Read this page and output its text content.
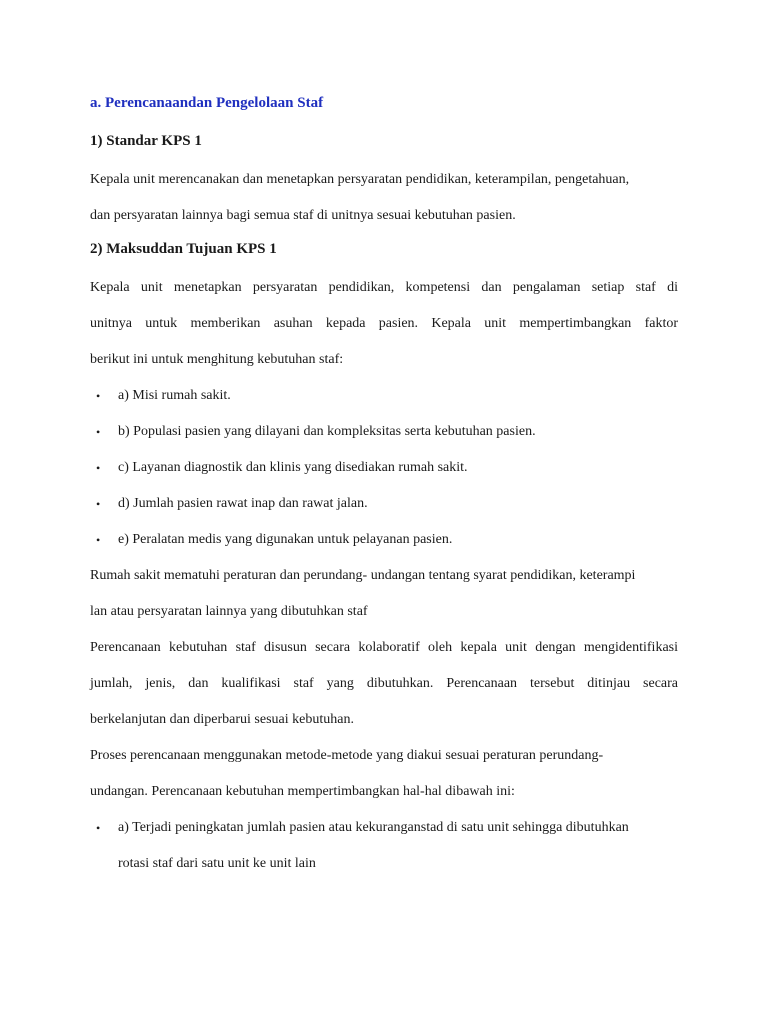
a. Perencanaandan Pengelolaan Staf
1) Standar KPS 1

Kepala unit merencanakan dan menetapkan persyaratan pendidikan, keterampilan, pengetahuan,
dan persyaratan lainnya bagi semua staf di unitnya sesuai kebutuhan pasien.

2) Maksuddan Tujuan KPS 1

Kepala unit menetapkan persyaratan pendidikan, kompetensi dan pengalaman setiap staf di
unitnya untuk memberikan asuhan kepada pasien. Kepala unit mempertimbangkan faktor
berikut ini untuk menghitung kebutuhan staf:

• a) Misi rumah sakit.
• b) Populasi pasien yang dilayani dan kompleksitas serta kebutuhan pasien.
• c) Layanan diagnostik dan klinis yang disediakan rumah sakit.
• d) Jumlah pasien rawat inap dan rawat jalan.
• e) Peralatan medis yang digunakan untuk pelayanan pasien.

Rumah sakit mematuhi peraturan dan perundang- undangan tentang syarat pendidikan, keterampi
lan atau persyaratan lainnya yang dibutuhkan staf

Perencanaan kebutuhan staf disusun secara kolaboratif oleh kepala unit dengan mengidentifikasi
jumlah, jenis, dan kualifikasi staf yang dibutuhkan. Perencanaan tersebut ditinjau secara
berkelanjutan dan diperbarui sesuai kebutuhan.

Proses perencanaan menggunakan metode-metode yang diakui sesuai peraturan perundang-
undangan. Perencanaan kebutuhan mempertimbangkan hal-hal dibawah ini:

• a) Terjadi peningkatan jumlah pasien atau kekuranganstad di satu unit sehingga dibutuhkan
rotasi staf dari satu unit ke unit lain
